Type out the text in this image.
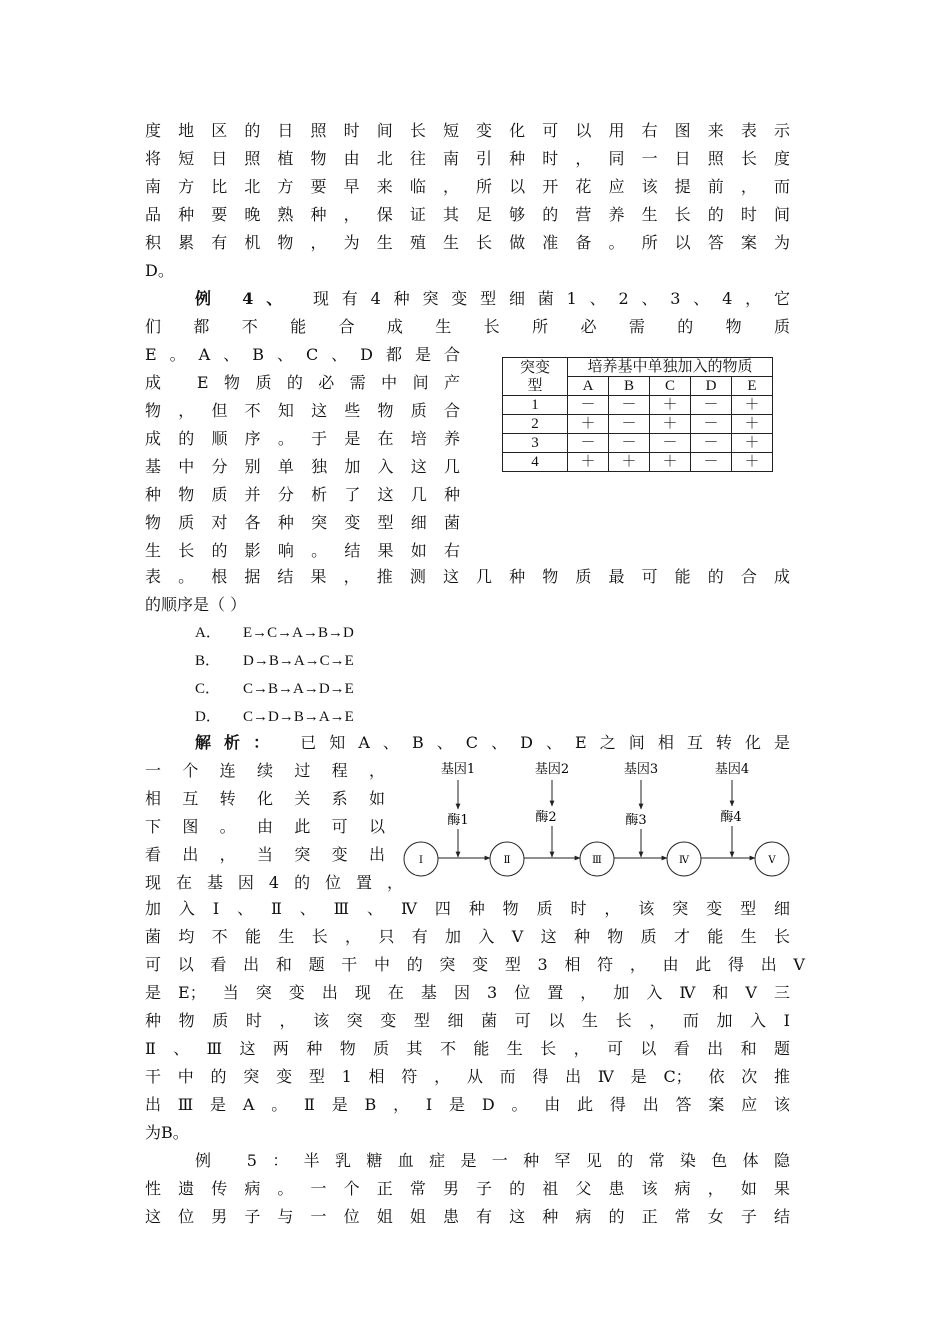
度地区的日照时间长短变化可以用右图来表示
将短日照植物由北往南引种时，同一日照长度
南方比北方要早来临，所以开花应该提前，而
品种要晚熟种，保证其足够的营养生长的时间
积累有机物，为生殖生长做准备。所以答案为
D。
例 4、 现有4种突变型细菌1、2、3、4，它
们都不能合成生长所必需的物质
E。A、B、C、D都是合
成 E物质的必需中间产
物，但不知这些物质合
成的顺序。于是在培养
基中分别单独加入这几
种物质并分析了这几种
物质对各种突变型细菌
生长的影响。结果如右
表。根据结果，推测这几种物质最可能的合成
的顺序是（ ）
A． E→C→A→B→D
B． D→B→A→C→E
C． C→B→A→D→E
D． C→D→B→A→E
突变
型	培养基中单独加入的物质				
	A	B	C	D	E
1	－	－	＋	－	＋
2	＋	－	＋	－	＋
3	－	－	－	－	＋
4	＋	＋	＋	－	＋
解析： 已知A、B、C、D、E之间相互转化是
一个连续过程，
相互转化关系如
下图。由此可以
看出，当突变出
现在基因4的位置，
基因1	基因2	基因3	基因4
酶1	酶2	酶3	酶4
Ⅰ	Ⅱ	Ⅲ	Ⅳ	Ⅴ
加入Ⅰ、Ⅱ、Ⅲ、Ⅳ四种物质时，该突变型细
菌均不能生长，只有加入Ⅴ这种物质才能生长
可以看出和题干中的突变型3相符，由此得出Ⅴ
是E；当突变出现在基因3位置，加入Ⅳ和Ⅴ三
种物质时，该突变型细菌可以生长，而加入Ⅰ
Ⅱ、Ⅲ这两种物质其不能生长，可以看出和题
干中的突变型1相符，从而得出Ⅳ是C；依次推
出Ⅲ是A。Ⅱ是B，Ⅰ是D。由此得出答案应该
为B。
例 5：半乳糖血症是一种罕见的常染色体隐
性遗传病。一个正常男子的祖父患该病，如果
这位男子与一位姐姐患有这种病的正常女子结
